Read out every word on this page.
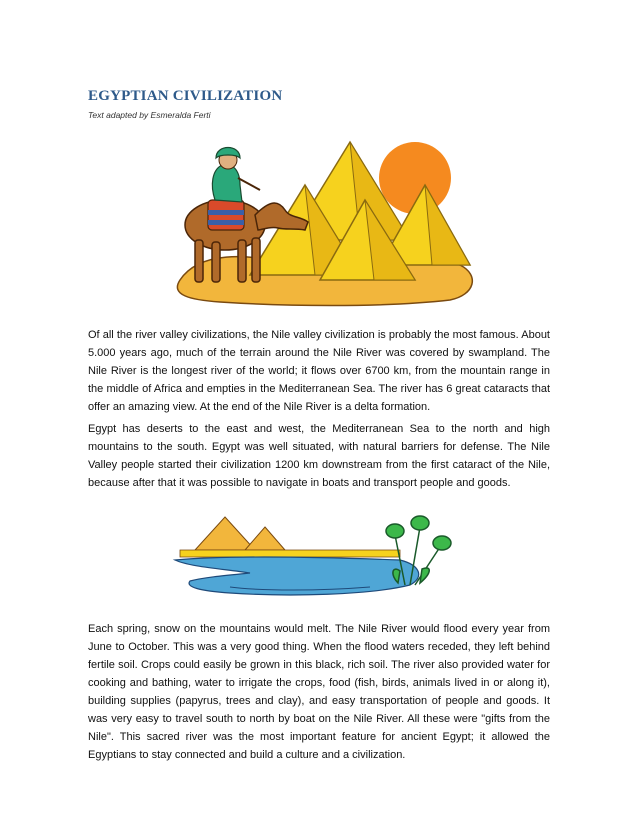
EGYPTIAN CIVILIZATION

Text adapted by Esmeralda Ferti

Of all the river valley civilizations, the Nile valley civilization is probably the most famous. About 5.000 years ago, much of the terrain around the Nile River was covered by swampland. The Nile River is the longest river of the world; it flows over 6700 km, from the mountain range in the middle of Africa and empties in the Mediterranean Sea. The river has 6 great cataracts that offer an amazing view. At the end of the Nile River is a delta formation.

Egypt has deserts to the east and west, the Mediterranean Sea to the north and high mountains to the south. Egypt was well situated, with natural barriers for defense. The Nile Valley people started their civilization 1200 km downstream from the first cataract of the Nile, because after that it was possible to navigate in boats and transport people and goods.

Each spring, snow on the mountains would melt. The Nile River would flood every year from June to October. This was a very good thing. When the flood waters receded, they left behind fertile soil. Crops could easily be grown in this black, rich soil. The river also provided water for cooking and bathing, water to irrigate the crops, food (fish, birds, animals lived in or along it), building supplies (papyrus, trees and clay), and easy transportation of people and goods. It was very easy to travel south to north by boat on the Nile River. All these were "gifts from the Nile". This sacred river was the most important feature for ancient Egypt; it allowed the Egyptians to stay connected and build a culture and a civilization.
